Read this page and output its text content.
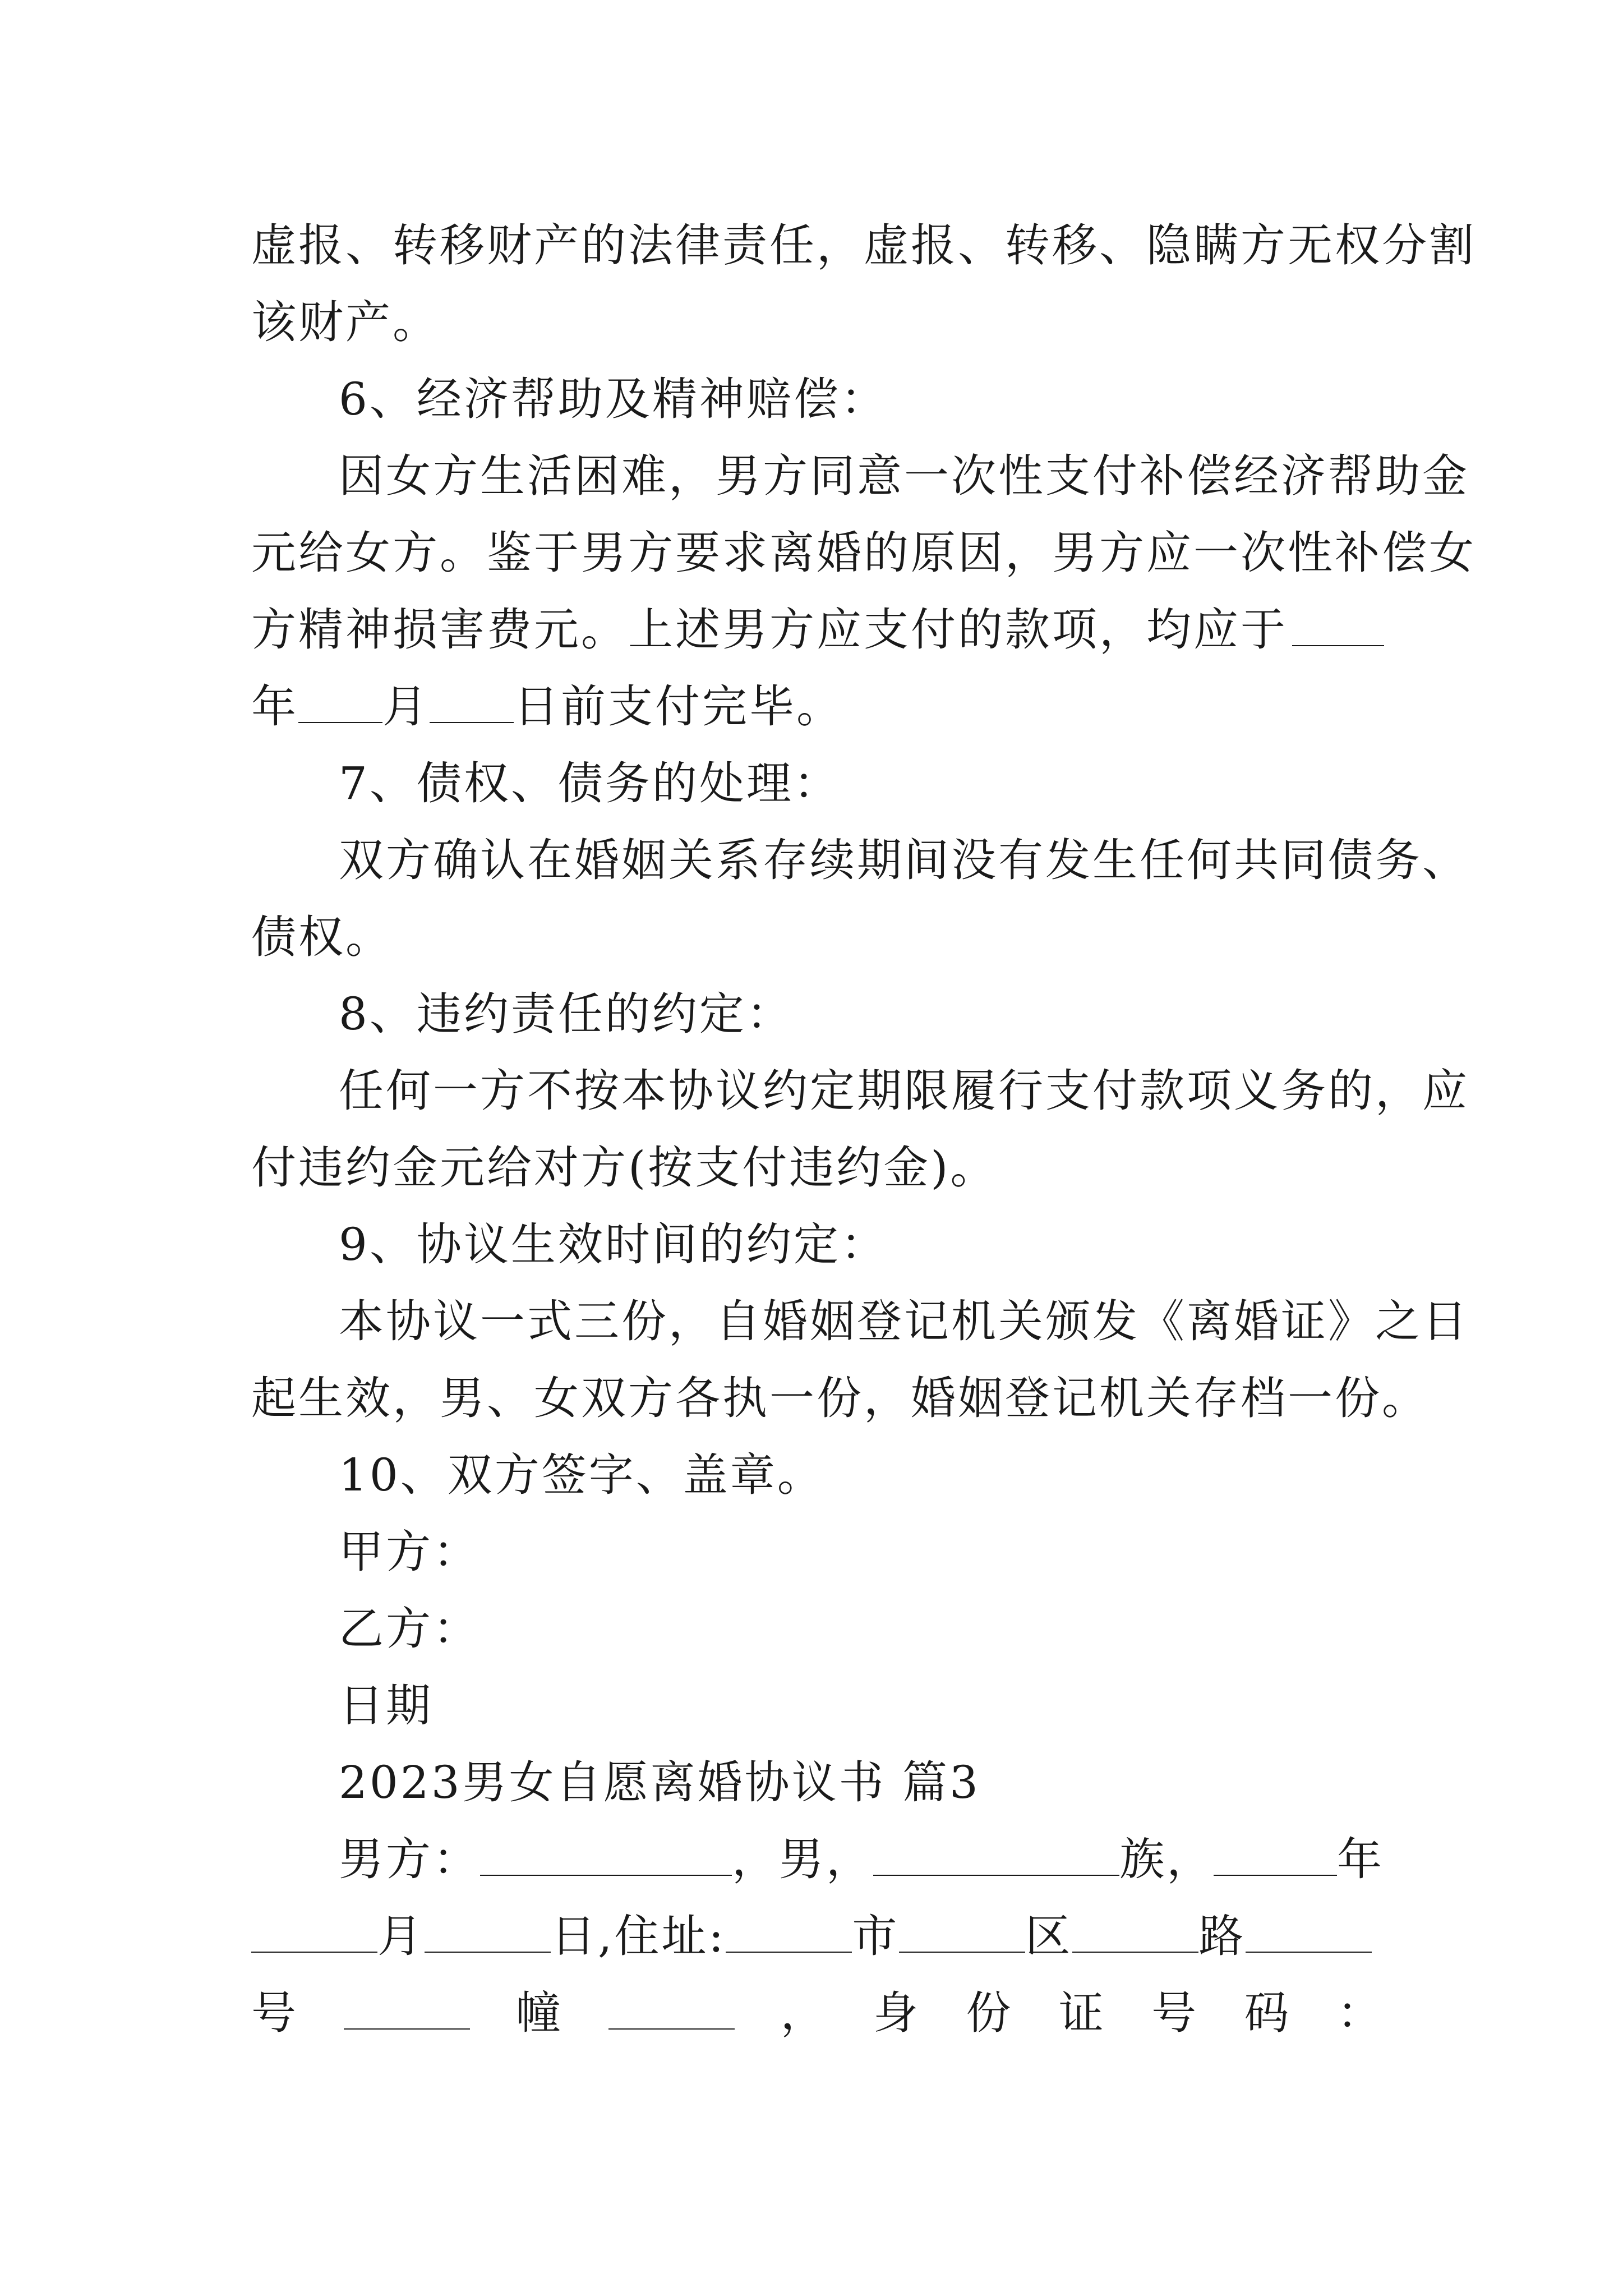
虚报、转移财产的法律责任，虚报、转移、隐瞒方无权分割
该财产。
6、经济帮助及精神赔偿：
因女方生活困难，男方同意一次性支付补偿经济帮助金
元给女方。鉴于男方要求离婚的原因，男方应一次性补偿女
方精神损害费元。上述男方应支付的款项，均应于
年 月 日前支付完毕。
7、债权、债务的处理：
双方确认在婚姻关系存续期间没有发生任何共同债务、
债权。
8、违约责任的约定：
任何一方不按本协议约定期限履行支付款项义务的，应
付违约金元给对方(按支付违约金)。
9、协议生效时间的约定：
本协议一式三份，自婚姻登记机关颁发《离婚证》之日
起生效，男、女双方各执一份，婚姻登记机关存档一份。
10、双方签字、盖章。
甲方：
乙方：
日期
2023男女自愿离婚协议书 篇3
男方：	，男，	族，	年
月	日,住址:	市	区	路
号	幢	， 身 份 证 号 码 ：
